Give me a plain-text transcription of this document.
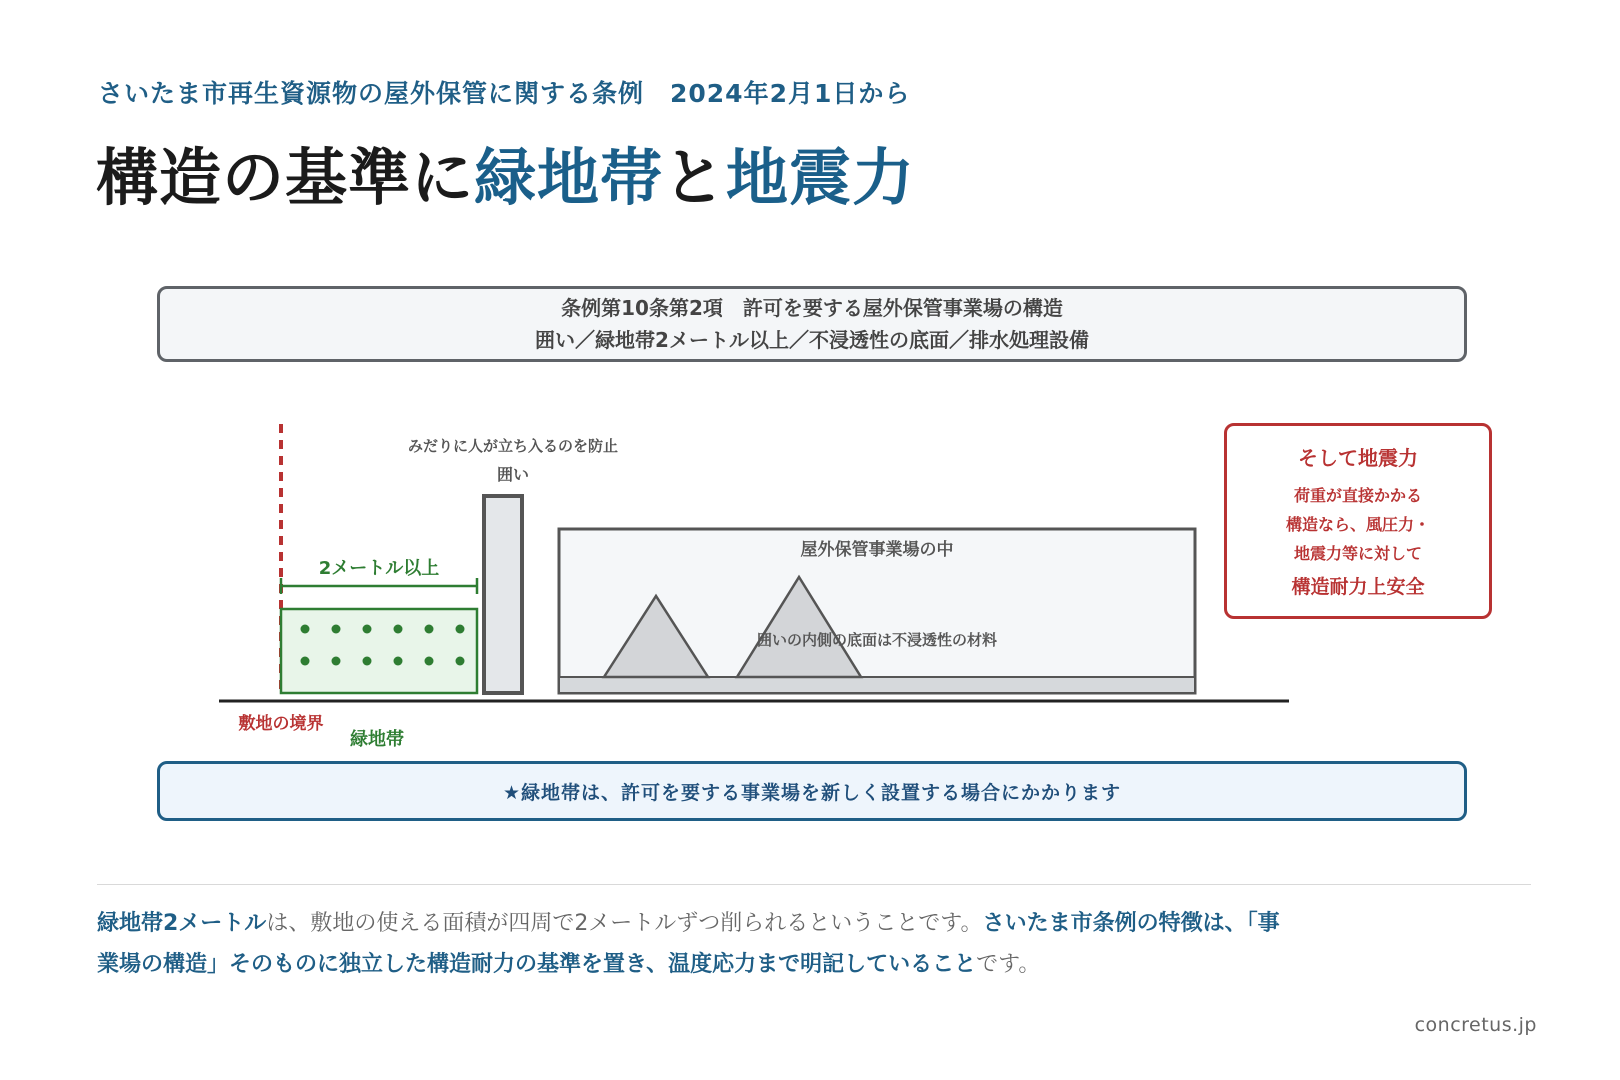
さいたま市再生資源物の屋外保管に関する条例　2024年2月1日から
構造の基準に緑地帯と地震力
条例第10条第2項　許可を要する屋外保管事業場の構造
囲い／緑地帯2メートル以上／不浸透性の底面／排水処理設備
みだりに人が立ち入るのを防止
囲い
2メートル以上
屋外保管事業場の中
囲いの内側の底面は不浸透性の材料
敷地の境界
緑地帯
そして地震力
荷重が直接かかる
構造なら、風圧力・
地震力等に対して
構造耐力上安全
★緑地帯は、許可を要する事業場を新しく設置する場合にかかります
緑地帯2メートルは、敷地の使える面積が四周で2メートルずつ削られるということです。さいたま市条例の特徴は、「事業場の構造」そのものに独立した構造耐力の基準を置き、温度応力まで明記していることです。
concretus.jp
